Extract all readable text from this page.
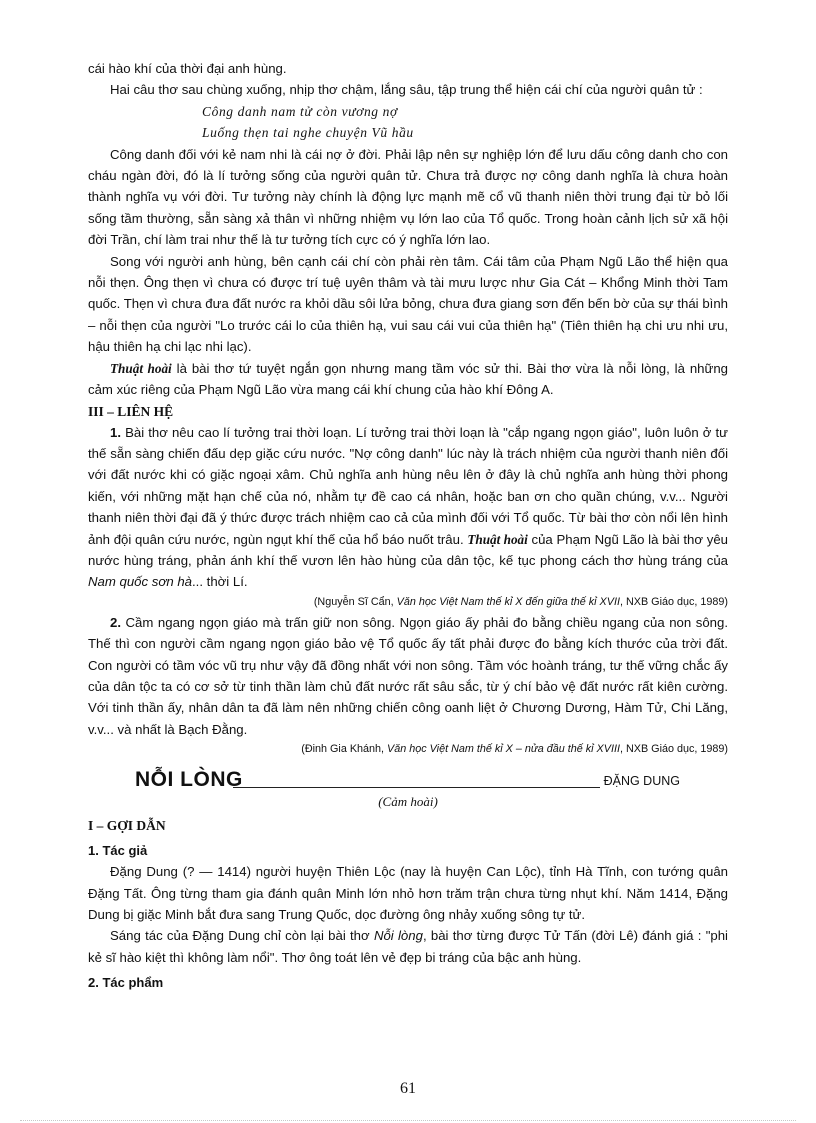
cái hào khí của thời đại anh hùng.

Hai câu thơ sau chùng xuống, nhịp thơ chậm, lắng sâu, tập trung thể hiện cái chí của người quân tử :

Công danh nam tử còn vương nợ
Luống thẹn tai nghe chuyện Vũ hầu

Công danh đối với kẻ nam nhi là cái nợ ở đời. Phải lập nên sự nghiệp lớn để lưu dấu công danh cho con cháu ngàn đời, đó là lí tưởng sống của người quân tử. Chưa trả được nợ công danh nghĩa là chưa hoàn thành nghĩa vụ với đời. Tư tưởng này chính là động lực mạnh mẽ cổ vũ thanh niên thời trung đại từ bỏ lối sống tầm thường, sẵn sàng xả thân vì những nhiệm vụ lớn lao của Tổ quốc. Trong hoàn cảnh lịch sử xã hội đời Trần, chí làm trai như thế là tư tưởng tích cực có ý nghĩa lớn lao.

Song với người anh hùng, bên cạnh cái chí còn phải rèn tâm. Cái tâm của Phạm Ngũ Lão thể hiện qua nỗi thẹn. Ông thẹn vì chưa có được trí tuệ uyên thâm và tài mưu lược như Gia Cát – Khổng Minh thời Tam quốc. Thẹn vì chưa đưa đất nước ra khỏi dầu sôi lửa bỏng, chưa đưa giang sơn đến bến bờ của sự thái bình – nỗi thẹn của người "Lo trước cái lo của thiên hạ, vui sau cái vui của thiên hạ" (Tiên thiên hạ chi ưu nhi ưu, hậu thiên hạ chi lạc nhi lạc).

Thuật hoài là bài thơ tứ tuyệt ngắn gọn nhưng mang tầm vóc sử thi. Bài thơ vừa là nỗi lòng, là những cảm xúc riêng của Phạm Ngũ Lão vừa mang cái khí chung của hào khí Đông A.

III – LIÊN HỆ

1. Bài thơ nêu cao lí tưởng trai thời loạn. Lí tưởng trai thời loạn là "cắp ngang ngọn giáo", luôn luôn ở tư thế sẵn sàng chiến đấu dẹp giặc cứu nước. "Nợ công danh" lúc này là trách nhiệm của người thanh niên đối với đất nước khi có giặc ngoại xâm. Chủ nghĩa anh hùng nêu lên ở đây là chủ nghĩa anh hùng thời phong kiến, với những mặt hạn chế của nó, nhằm tự đề cao cá nhân, hoặc ban ơn cho quần chúng, v.v... Người thanh niên thời đại đã ý thức được trách nhiệm cao cả của mình đối với Tổ quốc. Từ bài thơ còn nổi lên hình ảnh đội quân cứu nước, ngùn ngụt khí thế của hổ báo nuốt trâu. Thuật hoài của Phạm Ngũ Lão là bài thơ yêu nước hùng tráng, phản ánh khí thế vươn lên hào hùng của dân tộc, kế tục phong cách thơ hùng tráng của Nam quốc sơn hà... thời Lí.

(Nguyễn Sĩ Cẩn, Văn học Việt Nam thế kỉ X đến giữa thế kỉ XVII, NXB Giáo dục, 1989)

2. Cầm ngang ngọn giáo mà trấn giữ non sông. Ngọn giáo ấy phải đo bằng chiều ngang của non sông. Thế thì con người cầm ngang ngọn giáo bảo vệ Tổ quốc ấy tất phải được đo bằng kích thước của trời đất. Con người có tầm vóc vũ trụ như vậy đã đồng nhất với non sông. Tầm vóc hoành tráng, tư thế vững chắc ấy của dân tộc ta có cơ sở từ tinh thần làm chủ đất nước rất sâu sắc, từ ý chí bảo vệ đất nước rất kiên cường. Với tinh thần ấy, nhân dân ta đã làm nên những chiến công oanh liệt ở Chương Dương, Hàm Tử, Chi Lăng, v.v... và nhất là Bạch Đằng.

(Đinh Gia Khánh, Văn học Việt Nam thế kỉ X – nửa đầu thế kỉ XVIII, NXB Giáo dục, 1989)
NỖI LÒNG	ĐẶNG DUNG
(Cảm hoài)
I – GỢI DẪN
1. Tác giả

Đặng Dung (? — 1414) người huyện Thiên Lộc (nay là huyện Can Lộc), tỉnh Hà Tĩnh, con tướng quân Đặng Tất. Ông từng tham gia đánh quân Minh lớn nhỏ hơn trăm trận chưa từng nhụt khí. Năm 1414, Đặng Dung bị giặc Minh bắt đưa sang Trung Quốc, dọc đường ông nhảy xuống sông tự tử.

Sáng tác của Đặng Dung chỉ còn lại bài thơ Nỗi lòng, bài thơ từng được Tử Tấn (đời Lê) đánh giá : "phi kẻ sĩ hào kiệt thì không làm nổi". Thơ ông toát lên vẻ đẹp bi tráng của bậc anh hùng.

2. Tác phẩm
61
